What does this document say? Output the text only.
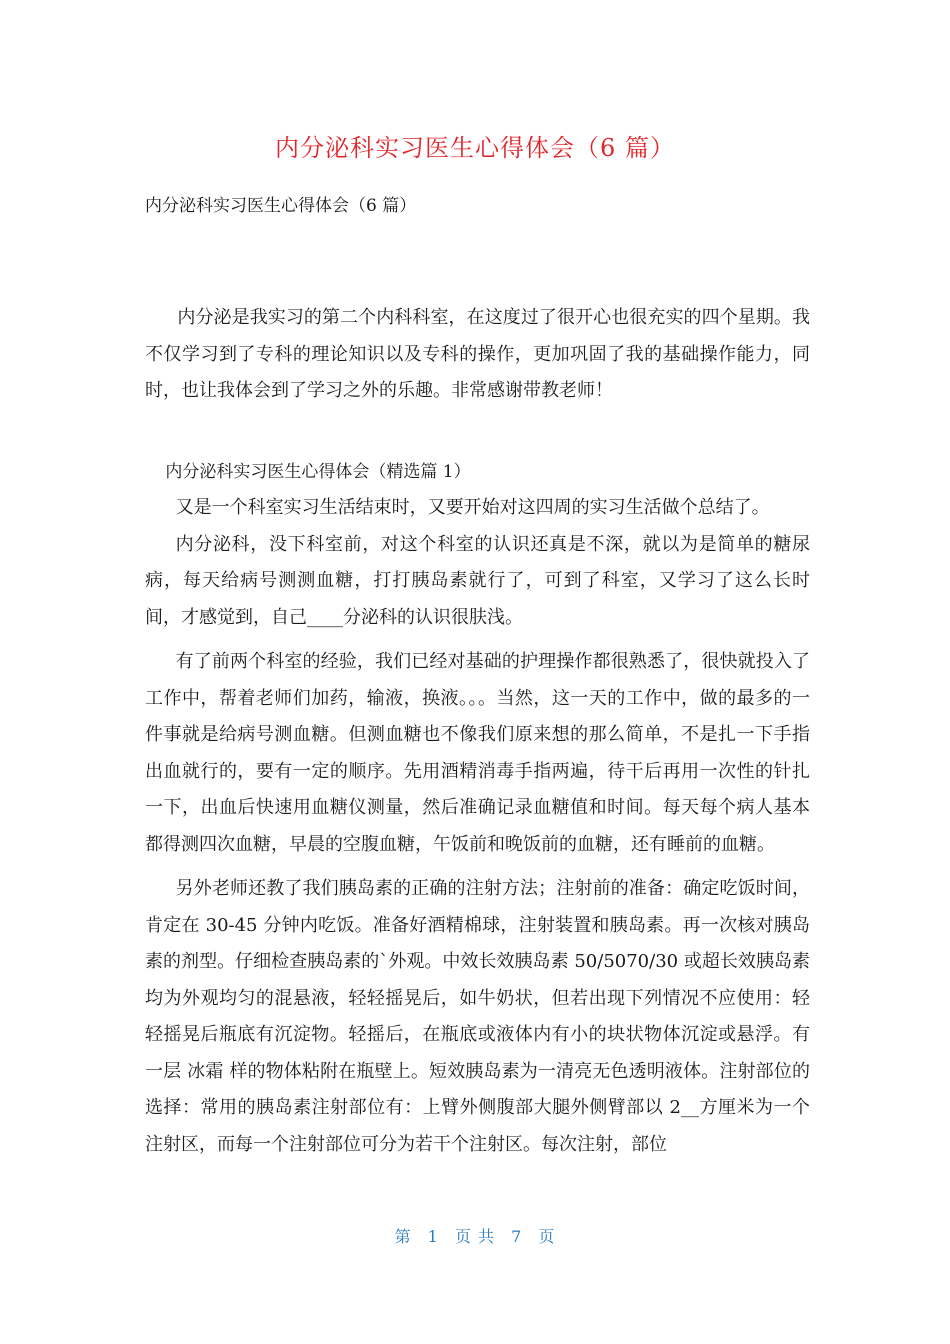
内分泌科实习医生心得体会（6 篇）

内分泌科实习医生心得体会（6 篇）

内分泌是我实习的第二个内科科室，在这度过了很开心也很充实的四个星期。我不仅学习到了专科的理论知识以及专科的操作，更加巩固了我的基础操作能力，同时，也让我体会到了学习之外的乐趣。非常感谢带教老师！

内分泌科实习医生心得体会（精选篇 1）

又是一个科室实习生活结束时，又要开始对这四周的实习生活做个总结了。

内分泌科，没下科室前，对这个科室的认识还真是不深，就以为是简单的糖尿病，每天给病号测测血糖，打打胰岛素就行了，可到了科室，又学习了这么长时间，才感觉到，自己____分泌科的认识很肤浅。

有了前两个科室的经验，我们已经对基础的护理操作都很熟悉了，很快就投入了工作中，帮着老师们加药，输液，换液。。。当然，这一天的工作中，做的最多的一件事就是给病号测血糖。但测血糖也不像我们原来想的那么简单，不是扎一下手指出血就行的，要有一定的顺序。先用酒精消毒手指两遍，待干后再用一次性的针扎一下，出血后快速用血糖仪测量，然后准确记录血糖值和时间。每天每个病人基本都得测四次血糖，早晨的空腹血糖，午饭前和晚饭前的血糖，还有睡前的血糖。

另外老师还教了我们胰岛素的正确的注射方法；注射前的准备：确定吃饭时间，肯定在 30-45 分钟内吃饭。准备好酒精棉球，注射装置和胰岛素。再一次核对胰岛素的剂型。仔细检查胰岛素的`外观。中效长效胰岛素 50/5070/30 或超长效胰岛素均为外观均匀的混悬液，轻轻摇晃后，如牛奶状，但若出现下列情况不应使用：轻轻摇晃后瓶底有沉淀物。轻摇后，在瓶底或液体内有小的块状物体沉淀或悬浮。有一层 冰霜 样的物体粘附在瓶壁上。短效胰岛素为一清亮无色透明液体。注射部位的选择：常用的胰岛素注射部位有：上臂外侧腹部大腿外侧臂部以 2__方厘米为一个注射区，而每一个注射部位可分为若干个注射区。每次注射，部位

第 1 页 共 7 页
